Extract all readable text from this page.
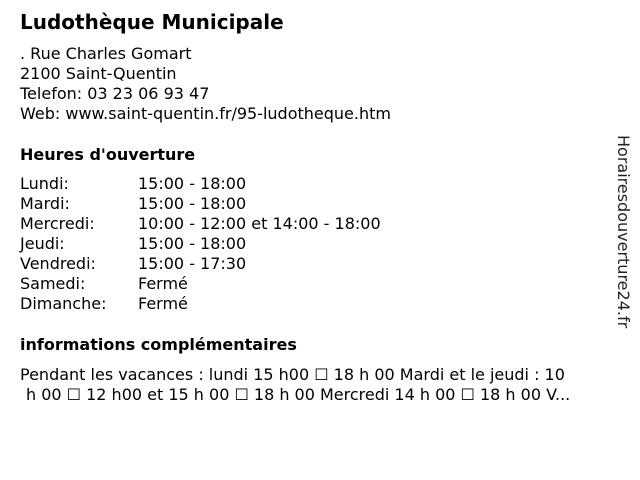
Ludothèque Municipale
. Rue Charles Gomart
2100 Saint-Quentin
Telefon: 03 23 06 93 47
Web: www.saint-quentin.fr/95-ludotheque.htm
Heures d'ouverture
Lundi:	15:00 - 18:00
Mardi:	15:00 - 18:00
Mercredi:	10:00 - 12:00 et 14:00 - 18:00
Jeudi:	15:00 - 18:00
Vendredi:	15:00 - 17:30
Samedi:	Fermé
Dimanche:	Fermé
informations complémentaires
Pendant les vacances : lundi 15 h00 ☐ 18 h 00 Mardi et le jeudi : 10
h 00 ☐ 12 h00 et 15 h 00 ☐ 18 h 00 Mercredi 14 h 00 ☐ 18 h 00 V...
Horairesdouverture24.fr
